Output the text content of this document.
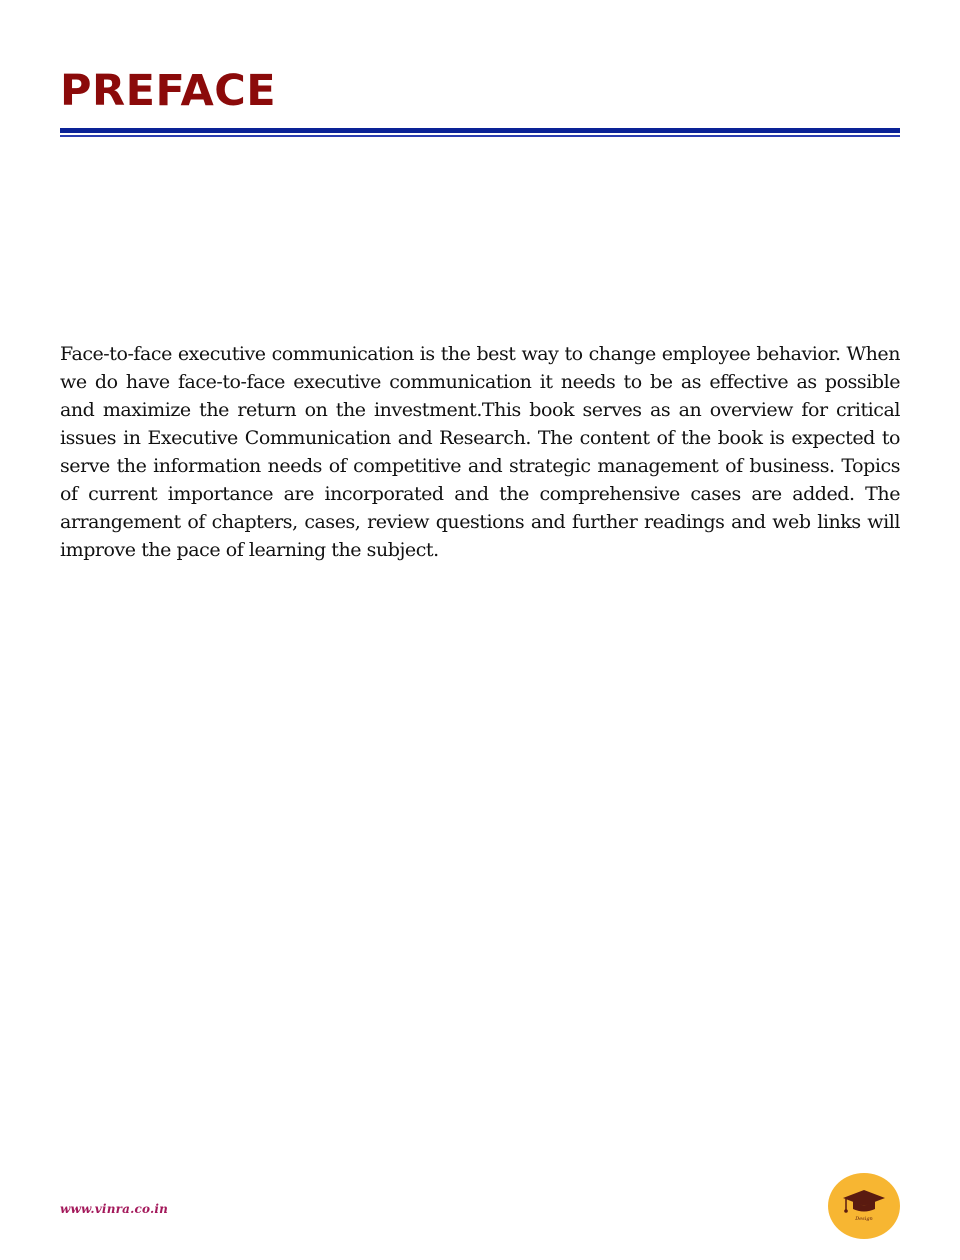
PREFACE

Face-to-face executive communication is the best way to change employee behavior. When we do have face-to-face executive communication it needs to be as effective as possible and maximize the return on the investment.This book serves as an overview for critical issues in Executive Communication and Research. The content of the book is expected to serve the information needs of competitive and strategic management of business. Topics of current importance are incorporated and the comprehensive cases are added. The arrangement of chapters, cases, review questions and further readings and web links will improve the pace of learning the subject.

www.vinra.co.in
Design
